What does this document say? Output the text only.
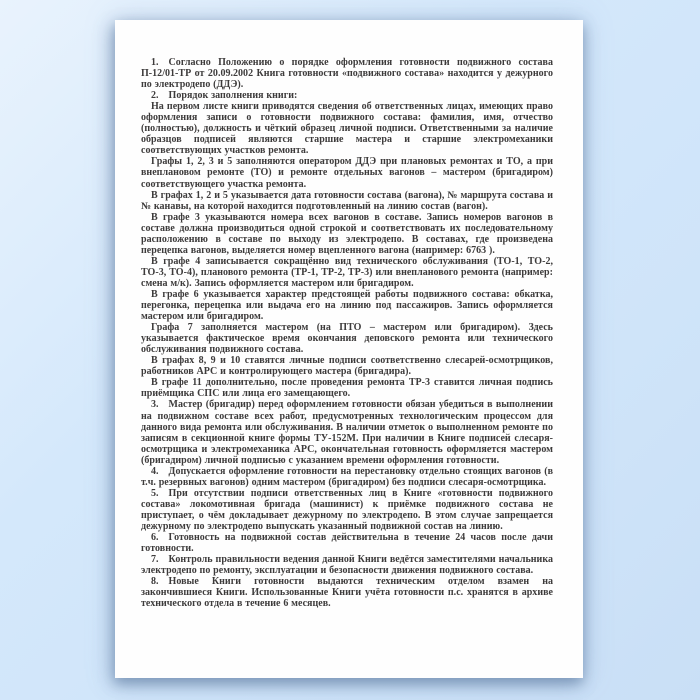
1. Согласно Положению о порядке оформления готовности подвижного состава П-12/01-ТР от 20.09.2002 Книга готовности «подвижного состава» находится у дежурного по электродепо (ДДЭ).

2. Порядок заполнения книги:

На первом листе книги приводятся сведения об ответственных лицах, имеющих право оформления записи о готовности подвижного состава: фамилия, имя, отчество (полностью), должность и чёткий образец личной подписи. Ответственными за наличие образцов подписей являются старшие мастера и старшие электромеханики соответствующих участков ремонта.

Графы 1, 2, 3 и 5 заполняются оператором ДДЭ при плановых ремонтах и ТО, а при внеплановом ремонте (ТО) и ремонте отдельных вагонов – мастером (бригадиром) соответствующего участка ремонта.

В графах 1, 2 и 5 указывается дата готовности состава (вагона), № маршрута состава и № канавы, на которой находится подготовленный на линию состав (вагон).

В графе 3 указываются номера всех вагонов в составе. Запись номеров вагонов в составе должна производиться одной строкой и соответствовать их последовательному расположению в составе по выходу из электродепо. В составах, где произведена перецепка вагонов, выделяется номер вцепленного вагона (например: 6763 ).

В графе 4 записывается сокращённо вид технического обслуживания (ТО-1, ТО-2, ТО-3, ТО-4), планового ремонта (ТР-1, ТР-2, ТР-3) или внепланового ремонта (например: смена м/к). Запись оформляется мастером или бригадиром.

В графе 6 указывается характер предстоящей работы подвижного состава: обкатка, перегонка, перецепка или выдача его на линию под пассажиров. Запись оформляется мастером или бригадиром.

Графа 7 заполняется мастером (на ПТО – мастером или бригадиром). Здесь указывается фактическое время окончания деповского ремонта или технического обслуживания подвижного состава.

В графах 8, 9 и 10 ставятся личные подписи соответственно слесарей-осмотрщиков, работников АРС и контролирующего мастера (бригадира).

В графе 11 дополнительно, после проведения ремонта ТР-3 ставится личная подпись приёмщика СПС или лица его замещающего.

3. Мастер (бригадир) перед оформлением готовности обязан убедиться в выполнении на подвижном составе всех работ, предусмотренных технологическим процессом для данного вида ремонта или обслуживания. В наличии отметок о выполненном ремонте по записям в секционной книге формы ТУ-152М. При наличии в Книге подписей слесаря-осмотрщика и электромеханика АРС, окончательная готовность оформляется мастером (бригадиром) личной подписью с указанием времени оформления готовности.

4. Допускается оформление готовности на перестановку отдельно стоящих вагонов (в т.ч. резервных вагонов) одним мастером (бригадиром) без подписи слесаря-осмотрщика.

5. При отсутствии подписи ответственных лиц в Книге «готовности подвижного состава» локомотивная бригада (машинист) к приёмке подвижного состава не приступает, о чём докладывает дежурному по электродепо. В этом случае запрещается дежурному по электродепо выпускать указанный подвижной состав на линию.

6. Готовность на подвижной состав действительна в течение 24 часов после дачи готовности.

7. Контроль правильности ведения данной Книги ведётся заместителями начальника электродепо по ремонту, эксплуатации и безопасности движения подвижного состава.

8. Новые Книги готовности выдаются техническим отделом взамен на закончившиеся Книги. Использованные Книги учёта готовности п.с. хранятся в архиве технического отдела в течение 6 месяцев.
